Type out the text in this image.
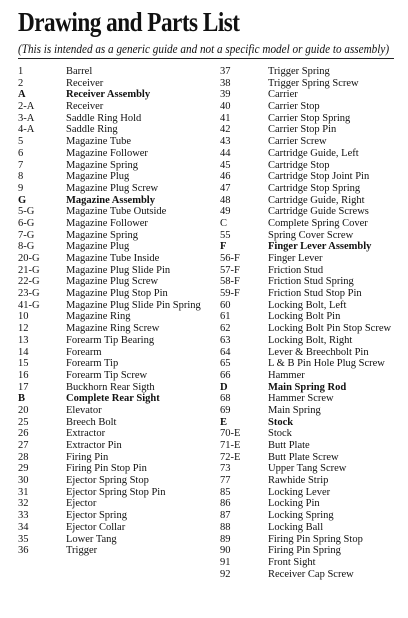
Drawing and Parts List
(This is intended as a generic guide and not a specific model or guide to assembly)
1	Barrel
2	Receiver
A	Receiver Assembly
2-A	Receiver
3-A	Saddle Ring Hold
4-A	Saddle Ring
5	Magazine Tube
6	Magazine Follower
7	Magazine Spring
8	Magazine Plug
9	Magazine Plug Screw
G	Magazine Assembly
5-G	Magazine Tube Outside
6-G	Magazine Follower
7-G	Magazine Spring
8-G	Magazine Plug
20-G	Magazine Tube Inside
21-G	Magazine Plug Slide Pin
22-G	Magazine Plug Screw
23-G	Magazine Plug Stop Pin
41-G	Magazine Plug Slide Pin Spring
10	Magazine Ring
12	Magazine Ring Screw
13	Forearm Tip Bearing
14	Forearm
15	Forearm Tip
16	Forearm Tip Screw
17	Buckhorn Rear Sigth
B	Complete Rear Sight
20	Elevator
25	Breech Bolt
26	Extractor
27	Extractor Pin
28	Firing Pin
29	Firing Pin Stop Pin
30	Ejector Spring Stop
31	Ejector Spring Stop Pin
32	Ejector
33	Ejector Spring
34	Ejector Collar
35	Lower Tang
36	Trigger
37	Trigger Spring
38	Trigger Spring Screw
39	Carrier
40	Carrier Stop
41	Carrier Stop Spring
42	Carrier Stop Pin
43	Carrier Screw
44	Cartridge Guide, Left
45	Cartridge Stop
46	Cartridge Stop Joint Pin
47	Cartridge Stop Spring
48	Cartridge Guide, Right
49	Cartridge Guide Screws
C	Complete Spring Cover
55	Spring Cover Screw
F	Finger Lever Assembly
56-F	Finger Lever
57-F	Friction Stud
58-F	Friction Stud Spring
59-F	Friction Stud Stop Pin
60	Locking Bolt, Left
61	Locking Bolt Pin
62	Locking Bolt Pin Stop Screw
63	Locking Bolt, Right
64	Lever & Breechbolt Pin
65	L & B Pin Hole Plug Screw
66	Hammer
D	Main Spring Rod
68	Hammer Screw
69	Main Spring
E	Stock
70-E	Stock
71-E	Butt Plate
72-E	Butt Plate Screw
73	Upper Tang Screw
77	Rawhide Strip
85	Locking Lever
86	Locking Pin
87	Locking Spring
88	Locking Ball
89	Firing Pin Spring Stop
90	Firing Pin Spring
91	Front Sight
92	Receiver Cap Screw
